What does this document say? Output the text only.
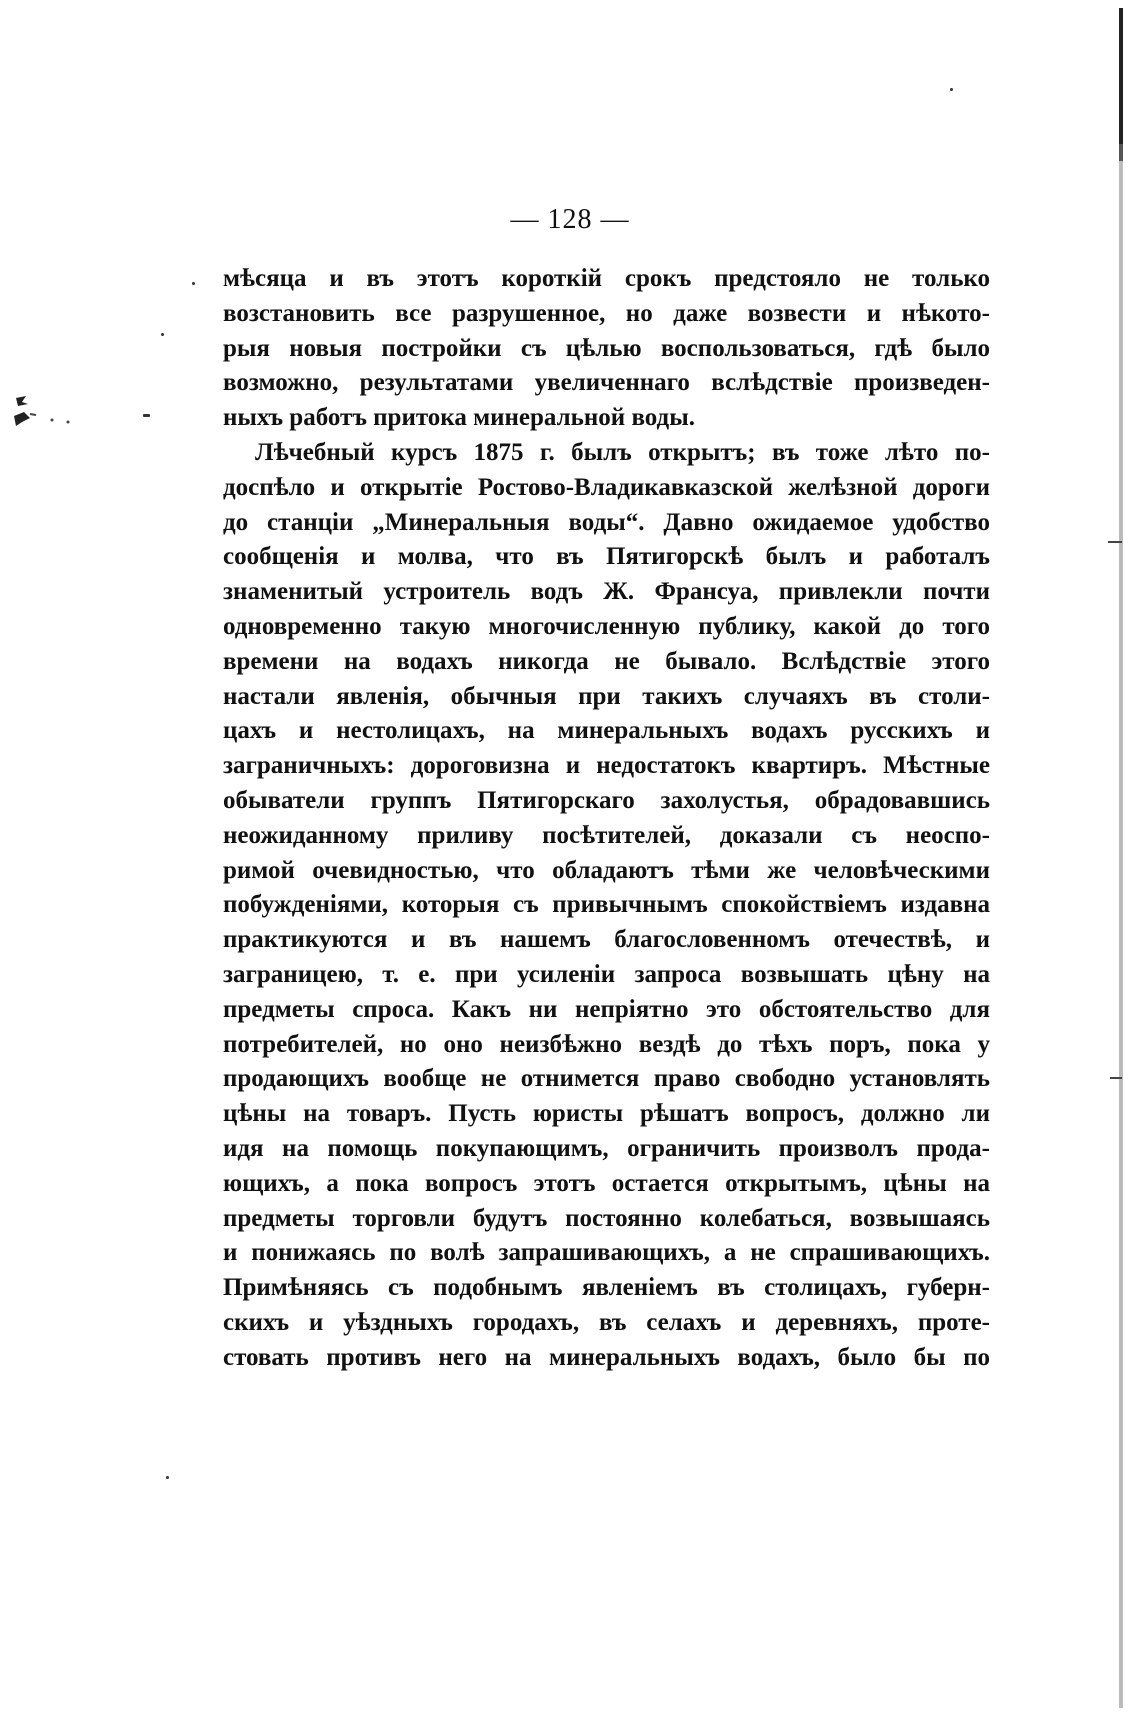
— 128 —
мѣсяца и въ этотъ короткій срокъ предстояло не только
возстановить все разрушенное, но даже возвести и нѣкото-
рыя новыя постройки съ цѣлью воспользоваться, гдѣ было
возможно, результатами увеличеннаго вслѣдствіе произведен-
ныхъ работъ притока минеральной воды.
Лѣчебный курсъ 1875 г. былъ открытъ; въ тоже лѣто по-
доспѣло и открытіе Ростово-Владикавказской желѣзной дороги
до станціи „Минеральныя воды“. Давно ожидаемое удобство
сообщенія и молва, что въ Пятигорскѣ былъ и работалъ
знаменитый устроитель водъ Ж. Франсуа, привлекли почти
одновременно такую многочисленную публику, какой до того
времени на водахъ никогда не бывало. Вслѣдствіе этого
настали явленія, обычныя при такихъ случаяхъ въ столи-
цахъ и нестолицахъ, на минеральныхъ водахъ русскихъ и
заграничныхъ: дороговизна и недостатокъ квартиръ. Мѣстные
обыватели группъ Пятигорскаго захолустья, обрадовавшись
неожиданному приливу посѣтителей, доказали съ неоспо-
римой очевидностью, что обладаютъ тѣми же человѣческими
побужденіями, которыя съ привычнымъ спокойствіемъ издавна
практикуются и въ нашемъ благословенномъ отечествѣ, и
заграницею, т. е. при усиленіи запроса возвышать цѣну на
предметы спроса. Какъ ни непріятно это обстоятельство для
потребителей, но оно неизбѣжно вездѣ до тѣхъ поръ, пока у
продающихъ вообще не отнимется право свободно установлять
цѣны на товаръ. Пусть юристы рѣшатъ вопросъ, должно ли
идя на помощь покупающимъ, ограничить произволъ прода-
ющихъ, а пока вопросъ этотъ остается открытымъ, цѣны на
предметы торговли будутъ постоянно колебаться, возвышаясь
и понижаясь по волѣ запрашивающихъ, а не спрашивающихъ.
Примѣняясь съ подобнымъ явленіемъ въ столицахъ, губерн-
скихъ и уѣздныхъ городахъ, въ селахъ и деревняхъ, проте-
стовать противъ него на минеральныхъ водахъ, было бы по
